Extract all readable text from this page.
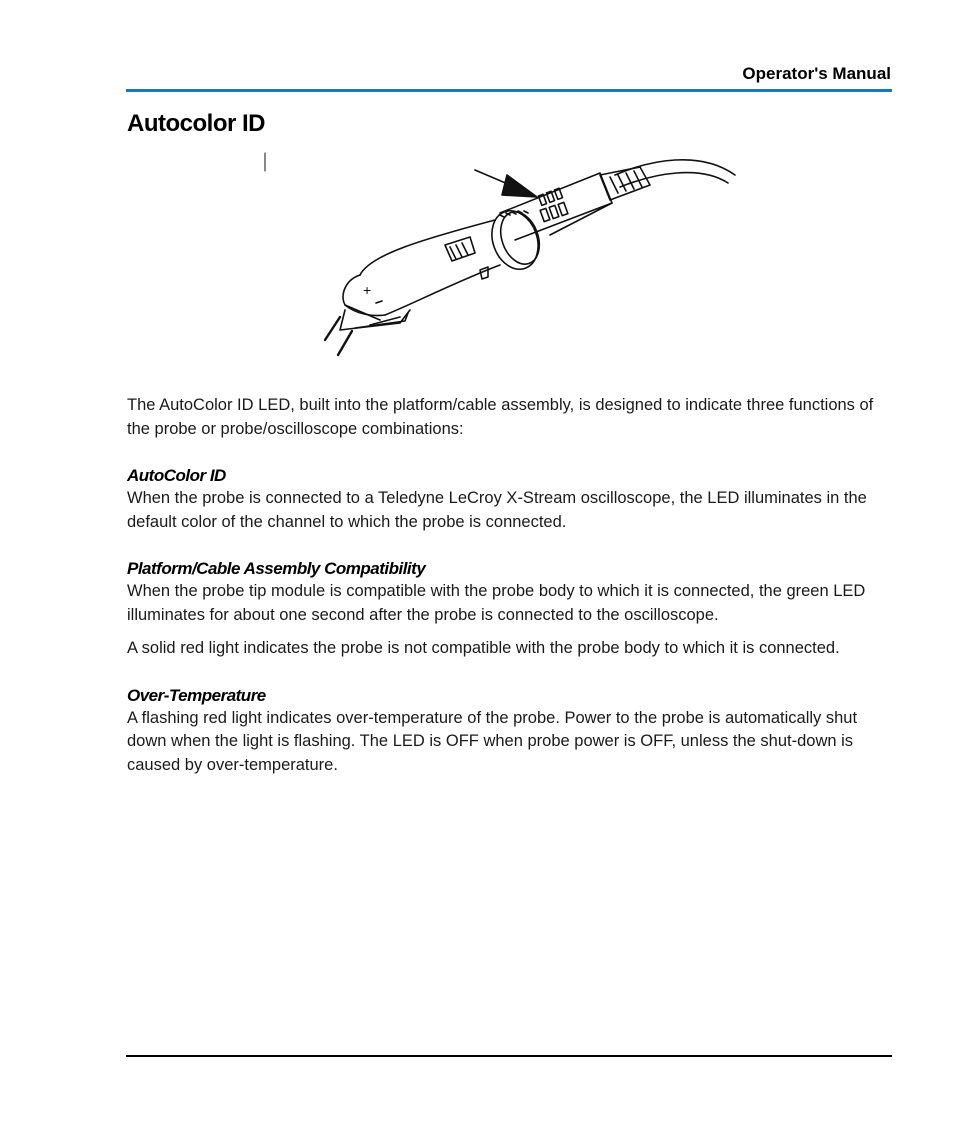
Operator's Manual
Autocolor ID
+

The AutoColor ID LED, built into the platform/cable assembly, is designed to indicate three functions of the probe or probe/oscilloscope combinations:

AutoColor ID

When the probe is connected to a Teledyne LeCroy X-Stream oscilloscope, the LED illuminates in the default color of the channel to which the probe is connected.

Platform/Cable Assembly Compatibility

When the probe tip module is compatible with the probe body to which it is connected, the green LED illuminates for about one second after the probe is connected to the oscilloscope.

A solid red light indicates the probe is not compatible with the probe body to which it is connected.

Over-Temperature

A flashing red light indicates over-temperature of the probe. Power to the probe is automatically shut down when the light is flashing. The LED is OFF when probe power is OFF, unless the shut-down is caused by over-temperature.
